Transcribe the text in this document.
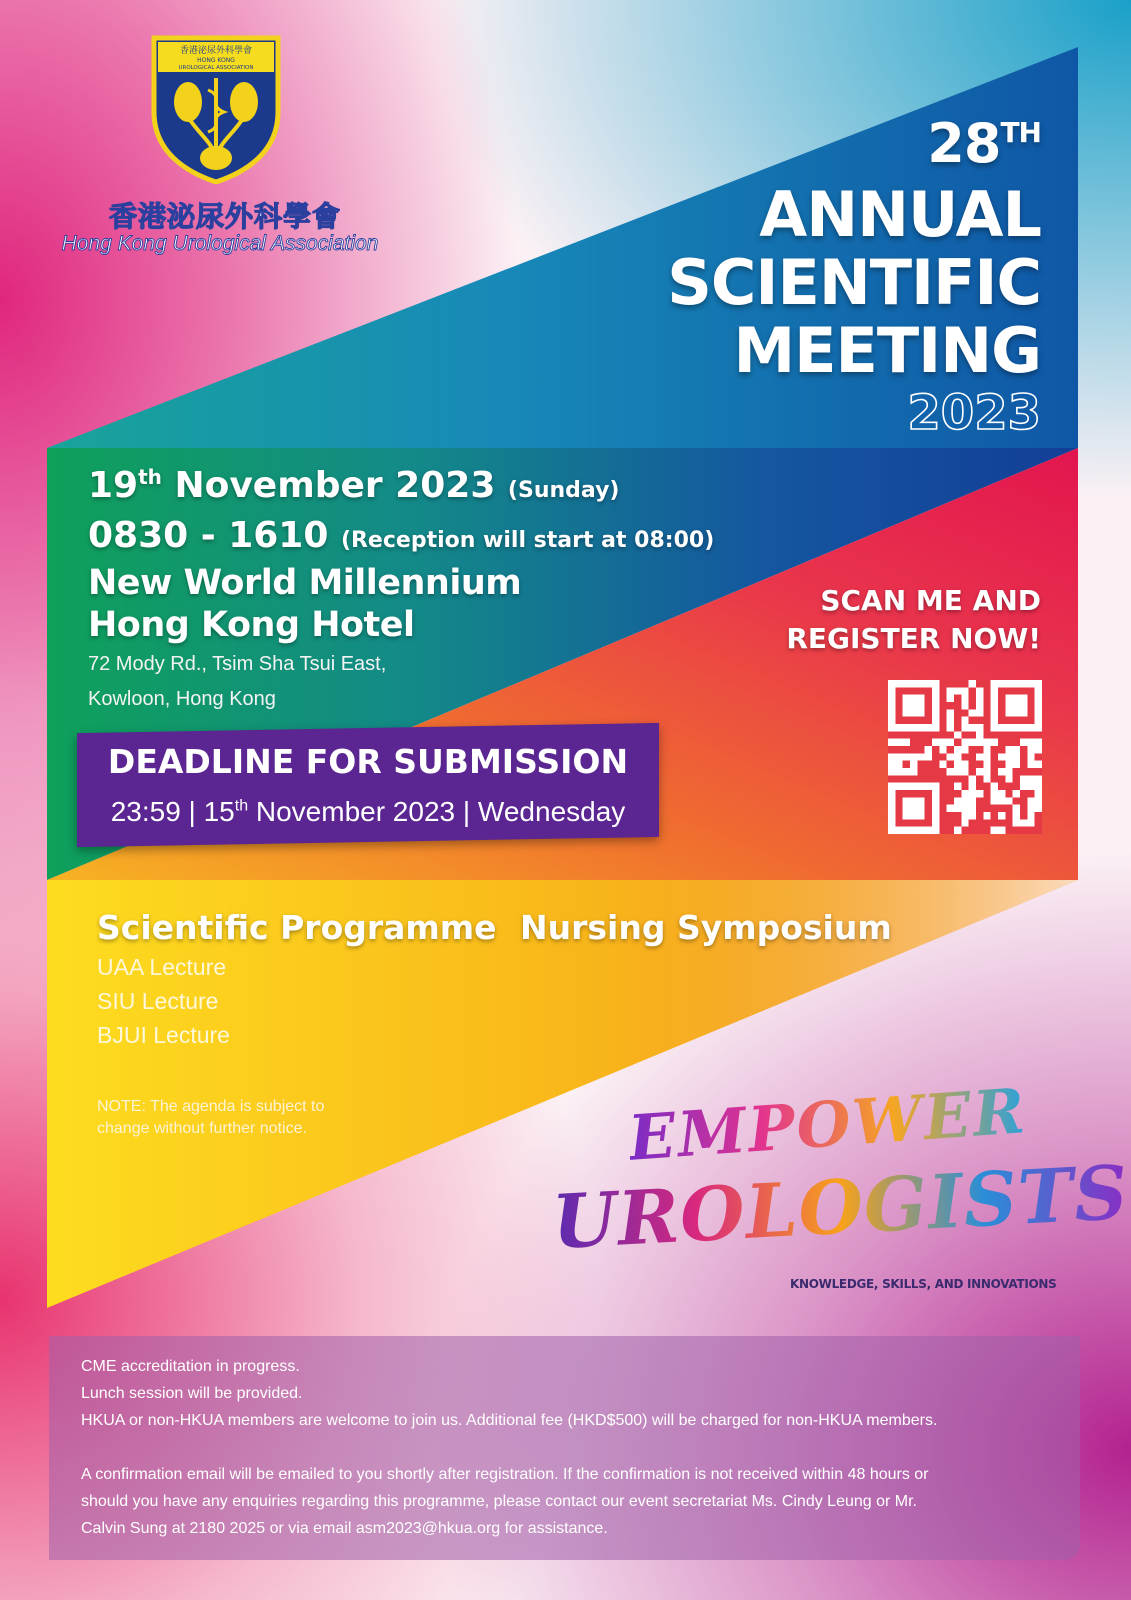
香港泌尿外科學會
HONG KONG
UROLOGICAL ASSOCIATION
香港泌尿外科學會
Hong Kong Urological Association
28TH
ANNUAL
SCIENTIFIC
MEETING
2023
19th November 2023 (Sunday)
0830 - 1610 (Reception will start at 08:00)
New World Millennium
Hong Kong Hotel
72 Mody Rd., Tsim Sha Tsui East,
Kowloon, Hong Kong
DEADLINE FOR SUBMISSION
23:59 | 15th November 2023 | Wednesday
SCAN ME AND
REGISTER NOW!
Scientific Programme
UAA Lecture
SIU Lecture
BJUI Lecture
Nursing Symposium
NOTE: The agenda is subject to
change without further notice.	EMPOWER
UROLOGISTS
KNOWLEDGE, SKILLS, AND INNOVATIONS
CME accreditation in progress.
Lunch session will be provided.
HKUA or non-HKUA members are welcome to join us. Additional fee (HKD$500) will be charged for non-HKUA members.
A confirmation email will be emailed to you shortly after registration. If the confirmation is not received within 48 hours or
should you have any enquiries regarding this programme, please contact our event secretariat Ms. Cindy Leung or Mr.
Calvin Sung at 2180 2025 or via email asm2023@hkua.org for assistance.
